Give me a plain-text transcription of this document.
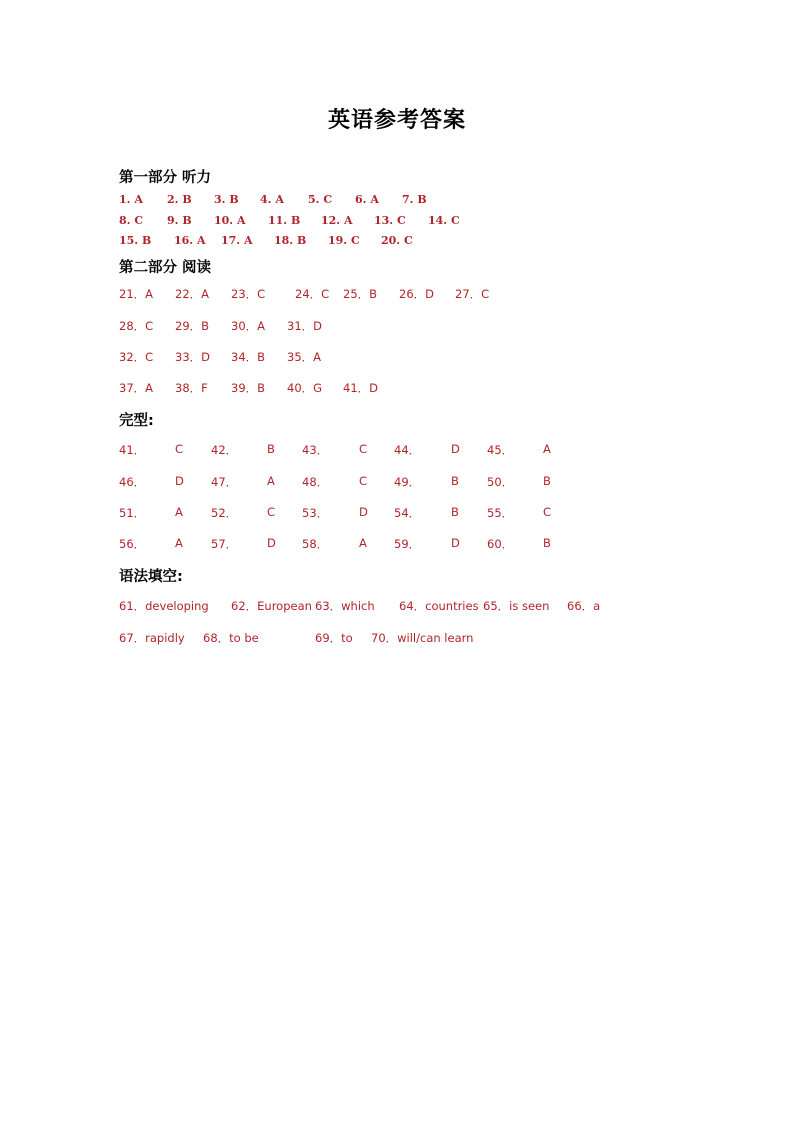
英语参考答案
第一部分 听力
1. A 2. B 3. B 4. A 5. C 6. A 7. B
8. C 9. B 10. A 11. B 12. A 13. C 14. C
15. B 16. A 17. A 18. B 19. C 20. C
第二部分 阅读
21．A 22．A 23．C	24．C 25．B 26．D 27．C
28．C 29．B 30．A 31．D
32．C 33．D 34．B 35．A
37．A 38．F 39．B 40．G 41．D
完型:
41．	C 42．	B 43．	C 44．	D 45．	A
46．	D 47．	A 48．	C 49．	B 50．	B
51．	A 52．	C 53．	D 54．	B 55．	C
56．	A 57．	D 58．	A 59．	D 60．	B
语法填空:
61．developing 62．European 63．which 64．countries 65．is seen 66．a
67．rapidly 68．to be	69．to 70．will/can learn
